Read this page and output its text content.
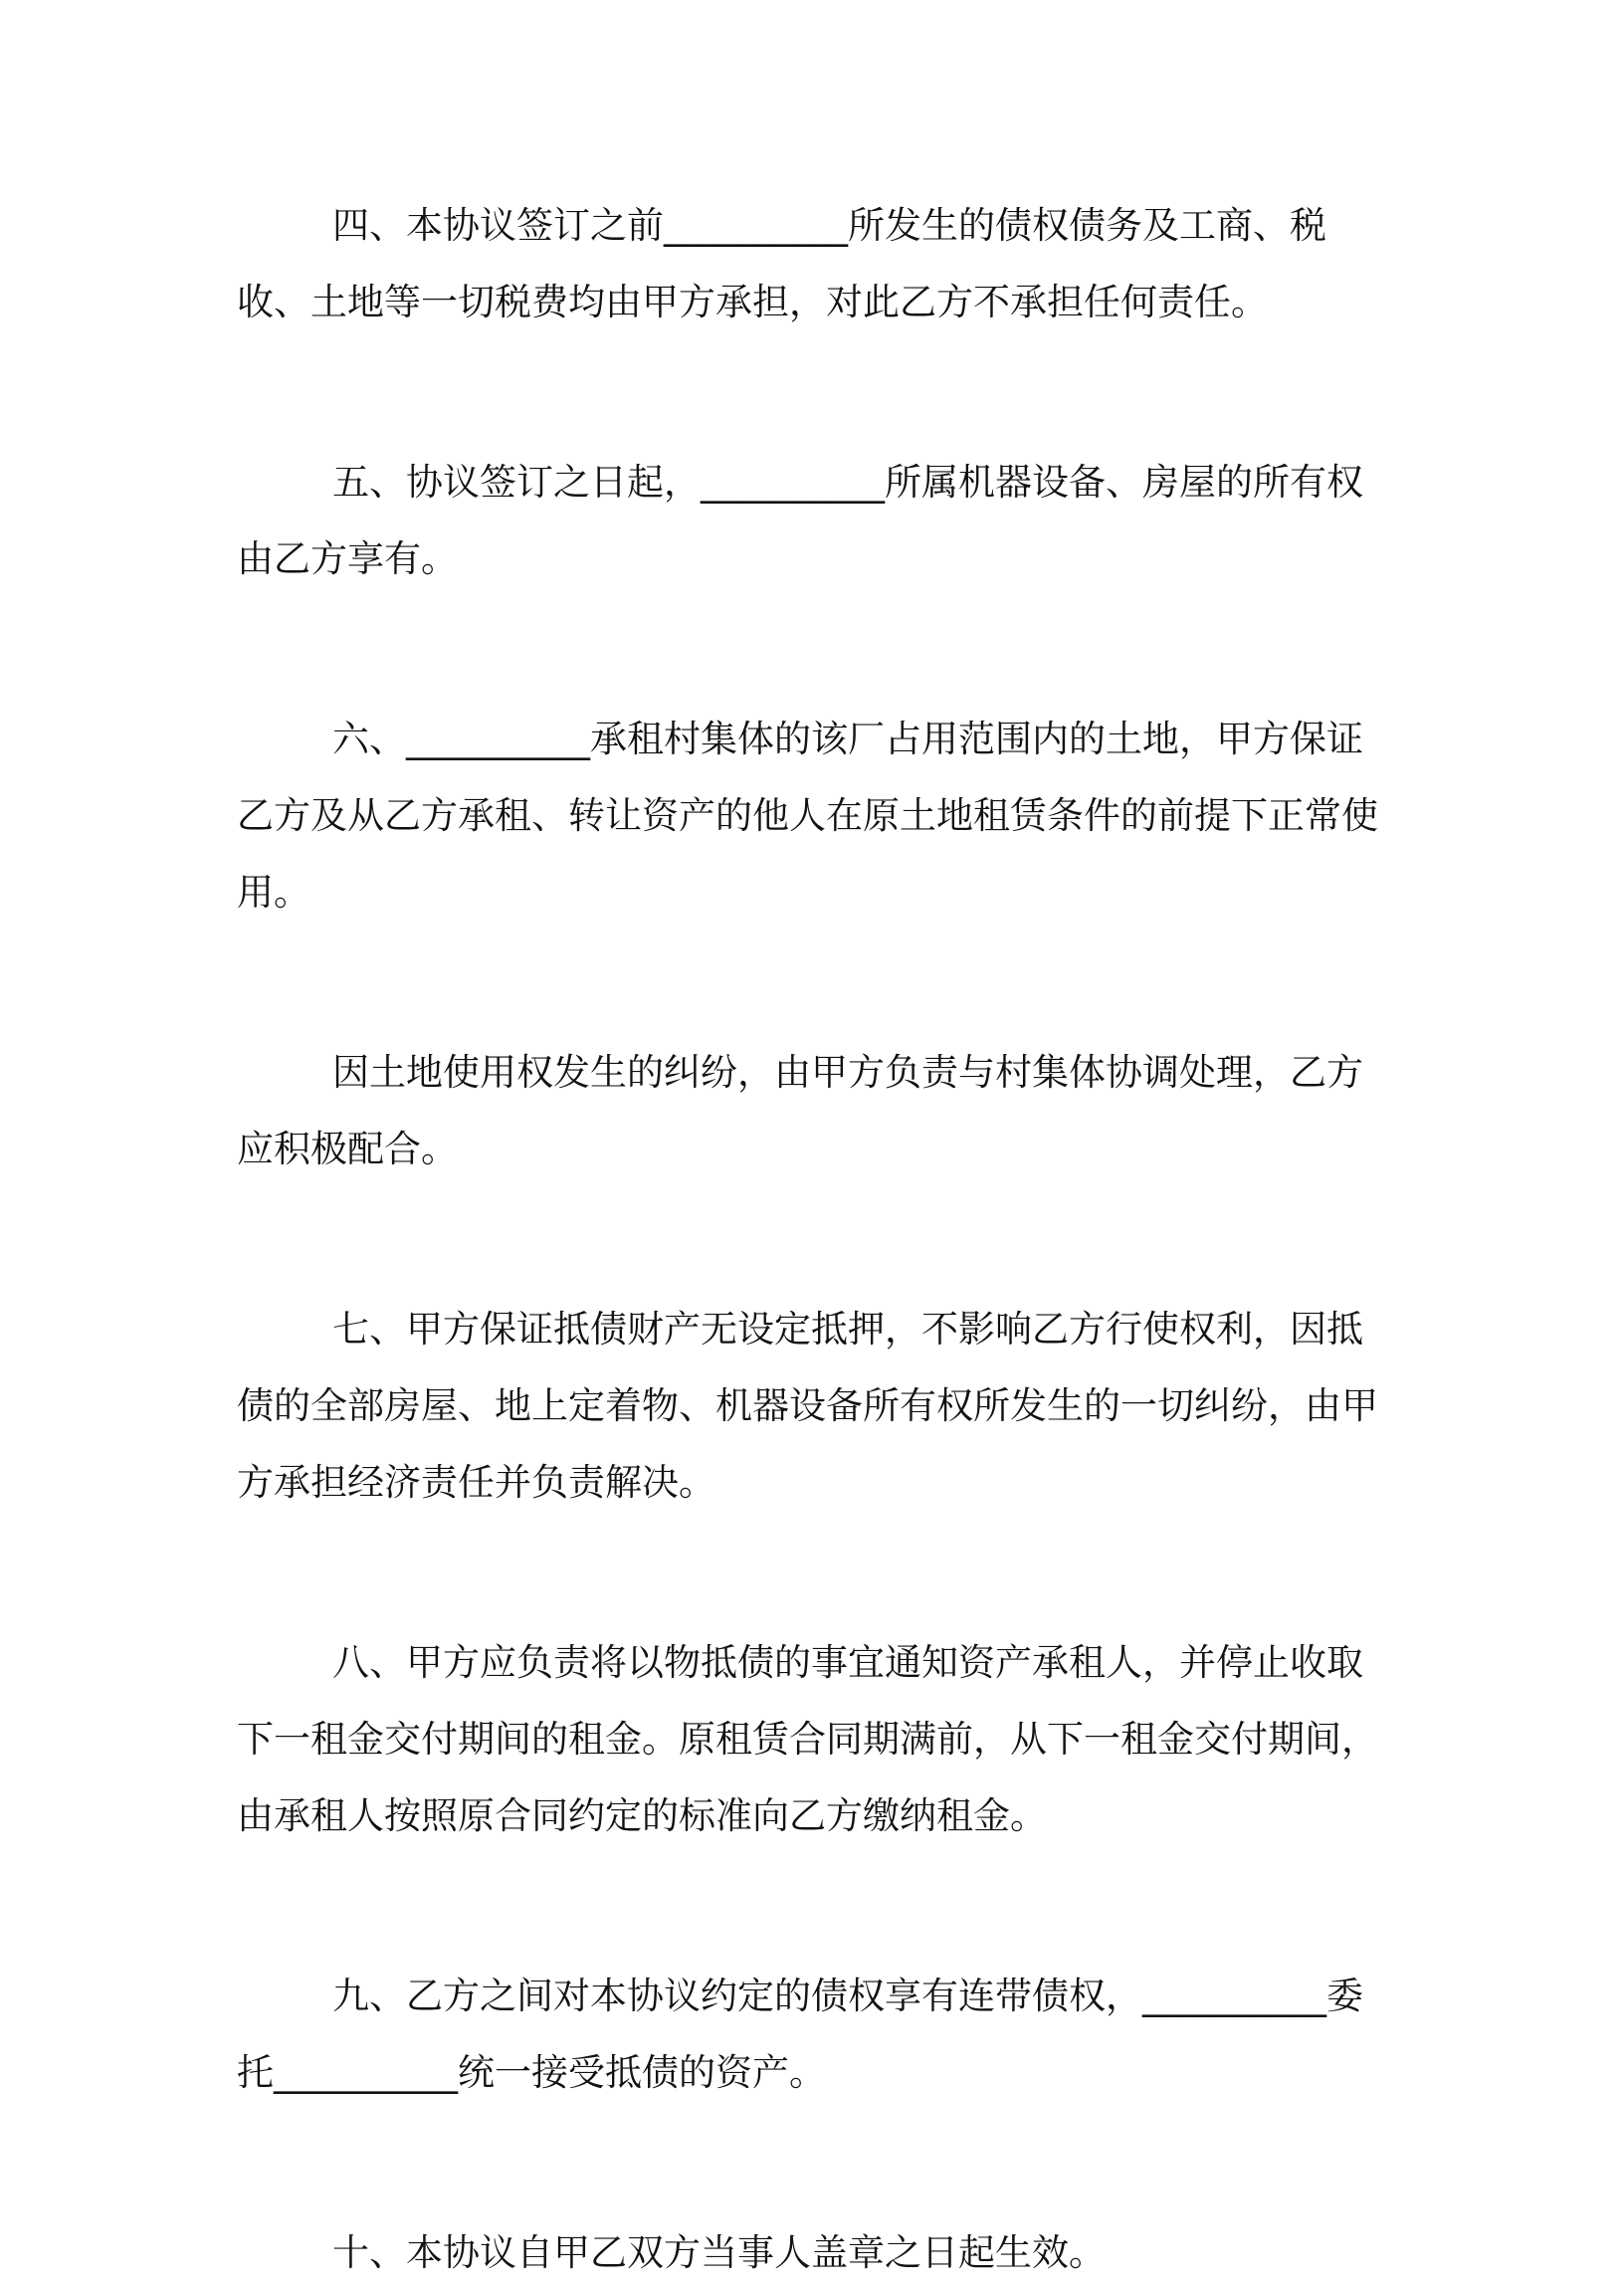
四、本协议签订之前__________所发生的债权债务及工商、税收、土地等一切税费均由甲方承担，对此乙方不承担任何责任。

五、协议签订之日起，__________所属机器设备、房屋的所有权由乙方享有。

六、__________承租村集体的该厂占用范围内的土地，甲方保证乙方及从乙方承租、转让资产的他人在原土地租赁条件的前提下正常使用。

因土地使用权发生的纠纷，由甲方负责与村集体协调处理，乙方应积极配合。

七、甲方保证抵债财产无设定抵押，不影响乙方行使权利，因抵债的全部房屋、地上定着物、机器设备所有权所发生的一切纠纷，由甲方承担经济责任并负责解决。

八、甲方应负责将以物抵债的事宜通知资产承租人，并停止收取下一租金交付期间的租金。原租赁合同期满前，从下一租金交付期间，由承租人按照原合同约定的标准向乙方缴纳租金。

九、乙方之间对本协议约定的债权享有连带债权，__________委托__________统一接受抵债的资产。

十、本协议自甲乙双方当事人盖章之日起生效。
